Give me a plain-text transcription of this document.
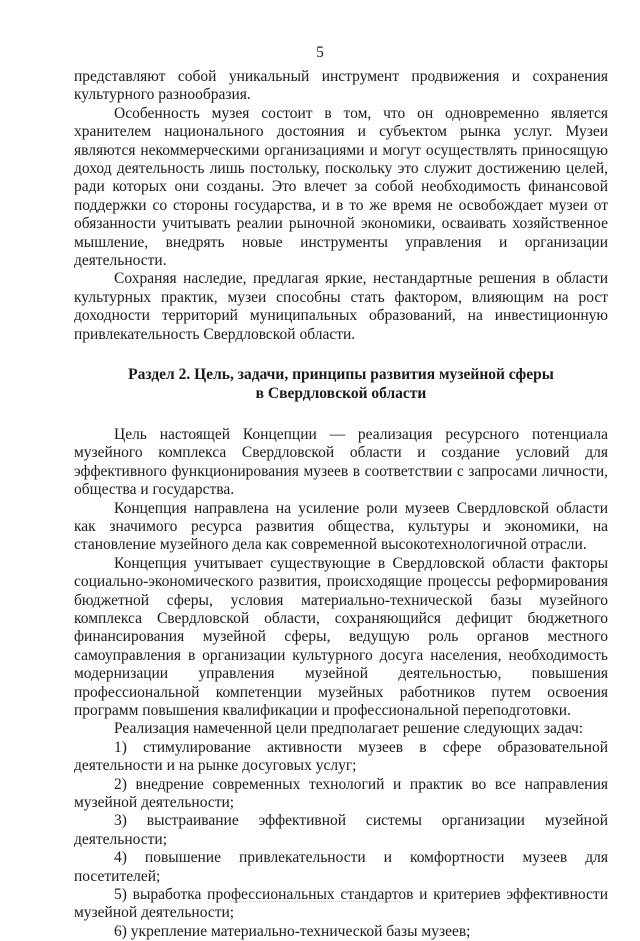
5

представляют собой уникальный инструмент продвижения и сохранения культурного разнообразия.

Особенность музея состоит в том, что он одновременно является хранителем национального достояния и субъектом рынка услуг. Музеи являются некоммерческими организациями и могут осуществлять приносящую доход деятельность лишь постольку, поскольку это служит достижению целей, ради которых они созданы. Это влечет за собой необходимость финансовой поддержки со стороны государства, и в то же время не освобождает музеи от обязанности учитывать реалии рыночной экономики, осваивать хозяйственное мышление, внедрять новые инструменты управления и организации деятельности.

Сохраняя наследие, предлагая яркие, нестандартные решения в области культурных практик, музеи способны стать фактором, влияющим на рост доходности территорий муниципальных образований, на инвестиционную привлекательность Свердловской области.

Раздел 2. Цель, задачи, принципы развития музейной сферы
в Свердловской области

Цель настоящей Концепции — реализация ресурсного потенциала музейного комплекса Свердловской области и создание условий для эффективного функционирования музеев в соответствии с запросами личности, общества и государства.

Концепция направлена на усиление роли музеев Свердловской области как значимого ресурса развития общества, культуры и экономики, на становление музейного дела как современной высокотехнологичной отрасли.

Концепция учитывает существующие в Свердловской области факторы социально-экономического развития, происходящие процессы реформирования бюджетной сферы, условия материально-технической базы музейного комплекса Свердловской области, сохраняющийся дефицит бюджетного финансирования музейной сферы, ведущую роль органов местного самоуправления в организации культурного досуга населения, необходимость модернизации управления музейной деятельностью, повышения профессиональной компетенции музейных работников путем освоения программ повышения квалификации и профессиональной переподготовки.

Реализация намеченной цели предполагает решение следующих задач:

1) стимулирование активности музеев в сфере образовательной деятельности и на рынке досуговых услуг;

2) внедрение современных технологий и практик во все направления музейной деятельности;

3) выстраивание эффективной системы организации музейной деятельности;

4) повышение привлекательности и комфортности музеев для посетителей;

5) выработка профессиональных стандартов и критериев эффективности музейной деятельности;

6) укрепление материально-технической базы музеев;
